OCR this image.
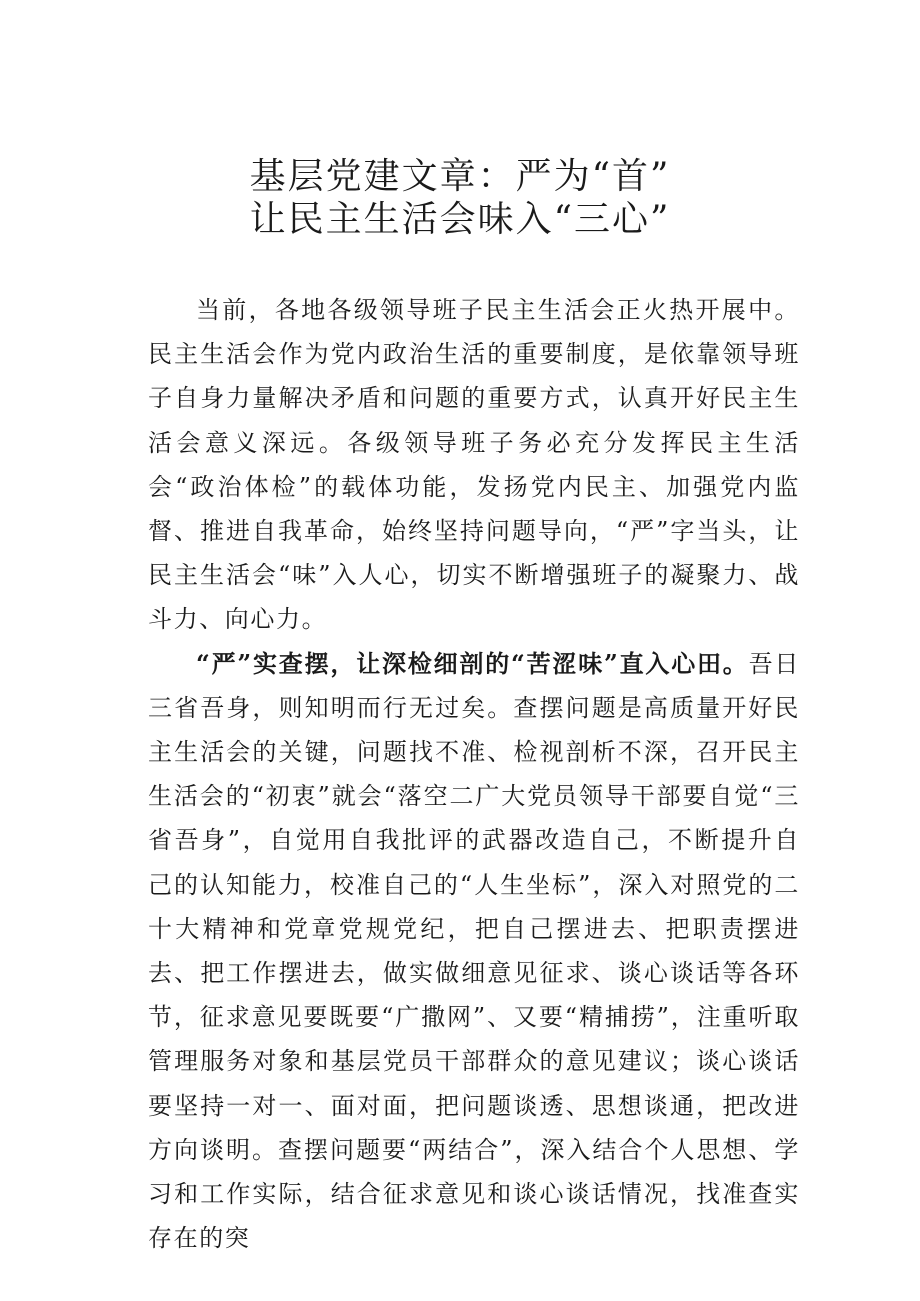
基层党建文章：严为“首”
让民主生活会味入“三心”

当前，各地各级领导班子民主生活会正火热开展中。民主生活会作为党内政治生活的重要制度，是依靠领导班子自身力量解决矛盾和问题的重要方式，认真开好民主生活会意义深远。各级领导班子务必充分发挥民主生活会“政治体检”的载体功能，发扬党内民主、加强党内监督、推进自我革命，始终坚持问题导向，“严”字当头，让民主生活会“味”入人心，切实不断增强班子的凝聚力、战斗力、向心力。

“严”实查摆，让深检细剖的“苦涩味”直入心田。吾日三省吾身，则知明而行无过矣。查摆问题是高质量开好民主生活会的关键，问题找不准、检视剖析不深，召开民主生活会的“初衷”就会“落空二广大党员领导干部要自觉“三省吾身”，自觉用自我批评的武器改造自己，不断提升自己的认知能力，校准自己的“人生坐标”，深入对照党的二十大精神和党章党规党纪，把自己摆进去、把职责摆进去、把工作摆进去，做实做细意见征求、谈心谈话等各环节，征求意见要既要“广撒网”、又要“精捕捞”，注重听取管理服务对象和基层党员干部群众的意见建议；谈心谈话要坚持一对一、面对面，把问题谈透、思想谈通，把改进方向谈明。查摆问题要“两结合”，深入结合个人思想、学习和工作实际，结合征求意见和谈心谈话情况，找准查实存在的突
